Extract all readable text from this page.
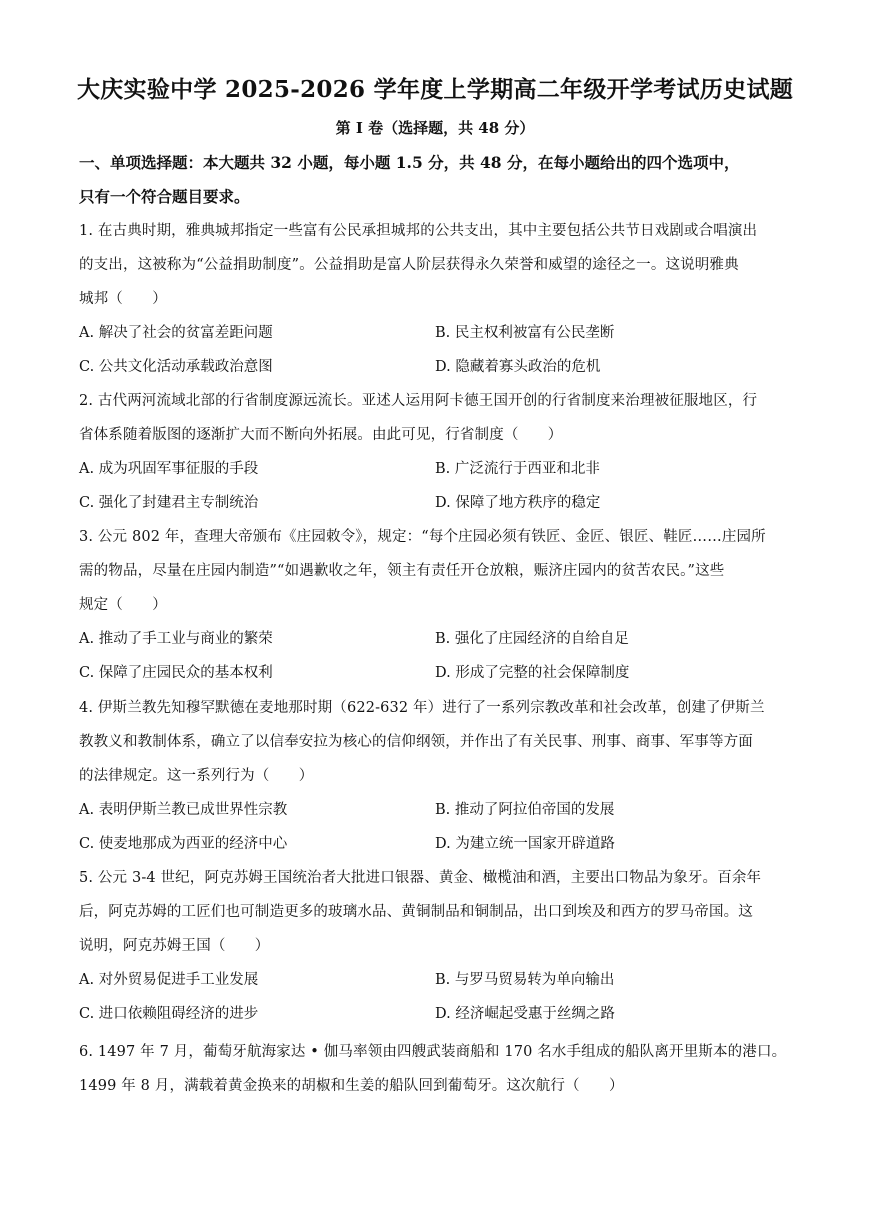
大庆实验中学 2025-2026 学年度上学期高二年级开学考试历史试题
第 I 卷（选择题，共 48 分）
一、单项选择题：本大题共 32 小题，每小题 1.5 分，共 48 分，在每小题给出的四个选项中，
只有一个符合题目要求。
1. 在古典时期，雅典城邦指定一些富有公民承担城邦的公共支出，其中主要包括公共节日戏剧或合唱演出
的支出，这被称为“公益捐助制度”。公益捐助是富人阶层获得永久荣誉和威望的途径之一。这说明雅典
城邦（　　）
A. 解决了社会的贫富差距问题	B. 民主权利被富有公民垄断
C. 公共文化活动承载政治意图	D. 隐藏着寡头政治的危机
2. 古代两河流域北部的行省制度源远流长。亚述人运用阿卡德王国开创的行省制度来治理被征服地区，行
省体系随着版图的逐渐扩大而不断向外拓展。由此可见，行省制度（　　）
A. 成为巩固军事征服的手段	B. 广泛流行于西亚和北非
C. 强化了封建君主专制统治	D. 保障了地方秩序的稳定
3. 公元 802 年，查理大帝颁布《庄园敕令》，规定：“每个庄园必须有铁匠、金匠、银匠、鞋匠……庄园所
需的物品，尽量在庄园内制造”“如遇歉收之年，领主有责任开仓放粮，赈济庄园内的贫苦农民。”这些
规定（　　）
A. 推动了手工业与商业的繁荣	B. 强化了庄园经济的自给自足
C. 保障了庄园民众的基本权利	D. 形成了完整的社会保障制度
4. 伊斯兰教先知穆罕默德在麦地那时期（622-632 年）进行了一系列宗教改革和社会改革，创建了伊斯兰
教教义和教制体系，确立了以信奉安拉为核心的信仰纲领，并作出了有关民事、刑事、商事、军事等方面
的法律规定。这一系列行为（　　）
A. 表明伊斯兰教已成世界性宗教	B. 推动了阿拉伯帝国的发展
C. 使麦地那成为西亚的经济中心	D. 为建立统一国家开辟道路
5. 公元 3-4 世纪，阿克苏姆王国统治者大批进口银器、黄金、橄榄油和酒，主要出口物品为象牙。百余年
后，阿克苏姆的工匠们也可制造更多的玻璃水品、黄铜制品和铜制品，出口到埃及和西方的罗马帝国。这
说明，阿克苏姆王国（　　）
A. 对外贸易促进手工业发展	B. 与罗马贸易转为单向输出
C. 进口依赖阻碍经济的进步	D. 经济崛起受惠于丝绸之路
6. 1497 年 7 月，葡萄牙航海家达 • 伽马率领由四艘武装商船和 170 名水手组成的船队离开里斯本的港口。
1499 年 8 月，满载着黄金换来的胡椒和生姜的船队回到葡萄牙。这次航行（　　）
